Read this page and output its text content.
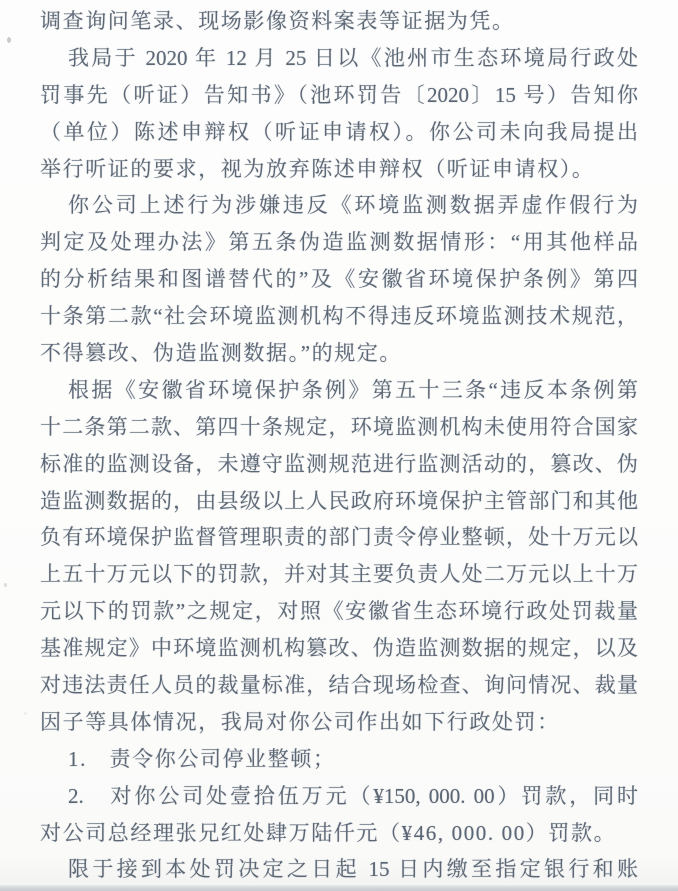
调查询问笔录、现场影像资料案表等证据为凭。
我局于 2020 年 12 月 25 日以《池州市生态环境局行政处
罚事先（听证）告知书》（池环罚告〔2020〕15 号）告知你
（单位）陈述申辩权（听证申请权）。你公司未向我局提出
举行听证的要求，视为放弃陈述申辩权（听证申请权）。
你公司上述行为涉嫌违反《环境监测数据弄虚作假行为
判定及处理办法》第五条伪造监测数据情形：“用其他样品
的分析结果和图谱替代的”及《安徽省环境保护条例》第四
十条第二款“社会环境监测机构不得违反环境监测技术规范，
不得篡改、伪造监测数据。”的规定。
根据《安徽省环境保护条例》第五十三条“违反本条例第
十二条第二款、第四十条规定，环境监测机构未使用符合国家
标准的监测设备，未遵守监测规范进行监测活动的，篡改、伪
造监测数据的，由县级以上人民政府环境保护主管部门和其他
负有环境保护监督管理职责的部门责令停业整顿，处十万元以
上五十万元以下的罚款，并对其主要负责人处二万元以上十万
元以下的罚款”之规定，对照《安徽省生态环境行政处罚裁量
基准规定》中环境监测机构篡改、伪造监测数据的规定，以及
对违法责任人员的裁量标准，结合现场检查、询问情况、裁量
因子等具体情况，我局对你公司作出如下行政处罚：
1.　责令你公司停业整顿；
2.　对你公司处壹拾伍万元（¥150, 000. 00）罚款，同时
对公司总经理张兄红处肆万陆仟元（¥46, 000. 00）罚款。
限于接到本处罚决定之日起 15 日内缴至指定银行和账
